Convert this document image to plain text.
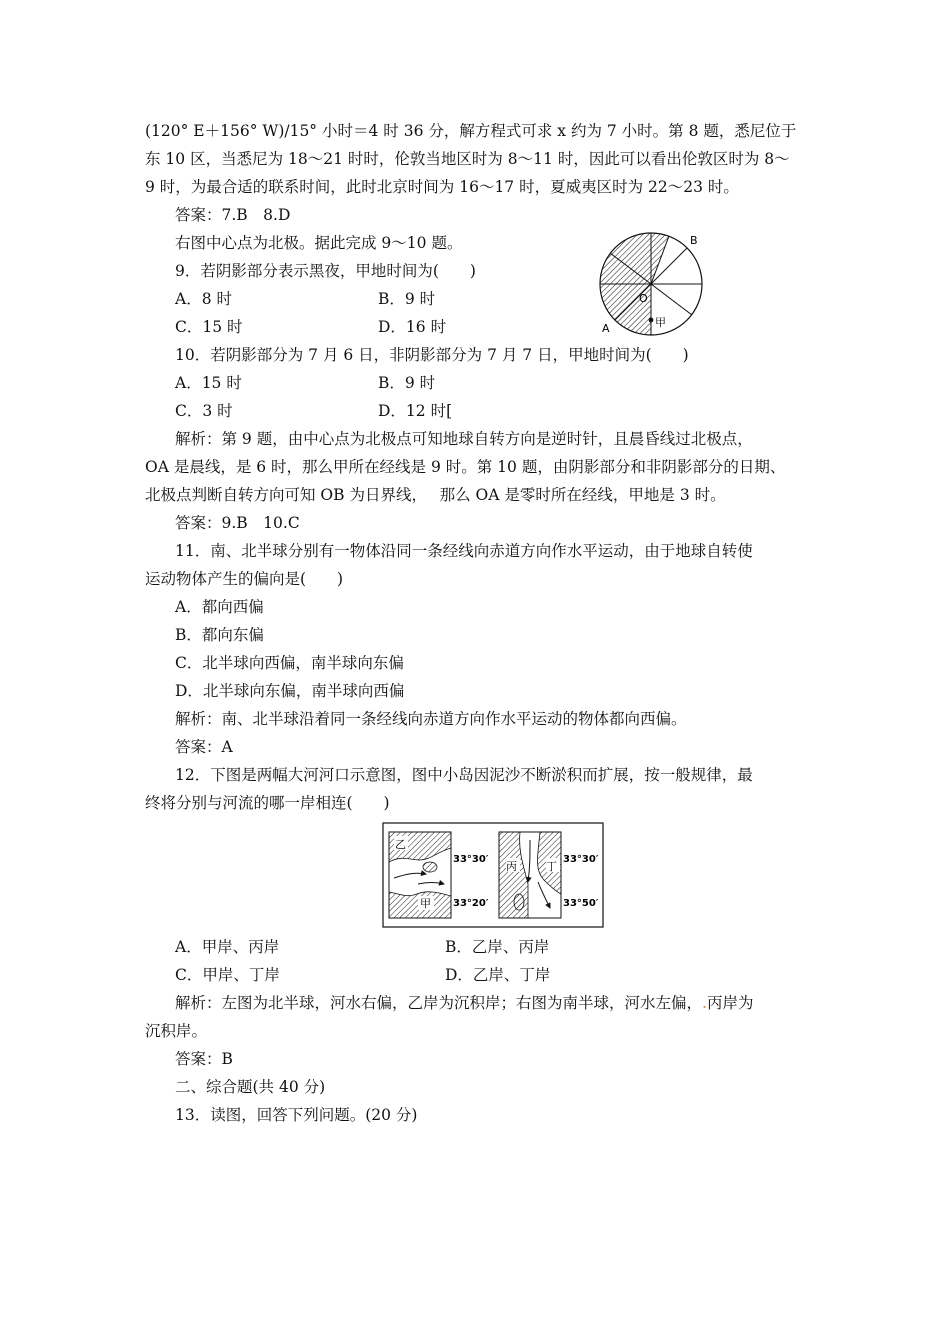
(120° E＋156° W)/15° 小时＝4 时 36 分，解方程式可求 x 约为 7 小时。第 8 题，悉尼位于
东 10 区，当悉尼为 18～21 时时，伦敦当地区时为 8～11 时，因此可以看出伦敦区时为 8～
9 时，为最合适的联系时间，此时北京时间为 16～17 时，夏威夷区时为 22～23 时。
答案：7.B　8.D
右图中心点为北极。据此完成 9～10 题。
9．若阴影部分表示黑夜，甲地时间为(　　)
A．8 时	B．9 时
C．15 时	D．16 时
B
A
O
甲
10．若阴影部分为 7 月 6 日，非阴影部分为 7 月 7 日，甲地时间为(　　)
A．15 时	B．9 时
C．3 时	D．12 时[
解析：第 9 题，由中心点为北极点可知地球自转方向是逆时针，且晨昏线过北极点，
OA 是晨线，是 6 时，那么甲所在经线是 9 时。第 10 题，由阴影部分和非阴影部分的日期、
北极点判断自转方向可知 OB 为日界线，　 那么 OA 是零时所在经线，甲地是 3 时。
答案：9.B　10.C
11．南、北半球分别有一物体沿同一条经线向赤道方向作水平运动，由于地球自转使
运动物体产生的偏向是(　　)
A．都向西偏
B．都向东偏
C．北半球向西偏，南半球向东偏
D．北半球向东偏，南半球向西偏
解析：南、北半球沿着同一条经线向赤道方向作水平运动的物体都向西偏。
答案：A
12．下图是两幅大河河口示意图，图中小岛因泥沙不断淤积而扩展，按一般规律，最
终将分别与河流的哪一岸相连(　　)
乙
甲
33°30′
33°20′
丙	丁
33°30′
33°50′
A．甲岸、丙岸	B．乙岸、丙岸
C．甲岸、丁岸	D．乙岸、丁岸
解析：左图为北半球，河水右偏，乙岸为沉积岸；右图为南半球，河水左偏，.丙岸为
沉积岸。
答案：B
二、综合题(共 40 分)
13．读图，回答下列问题。(20 分)
